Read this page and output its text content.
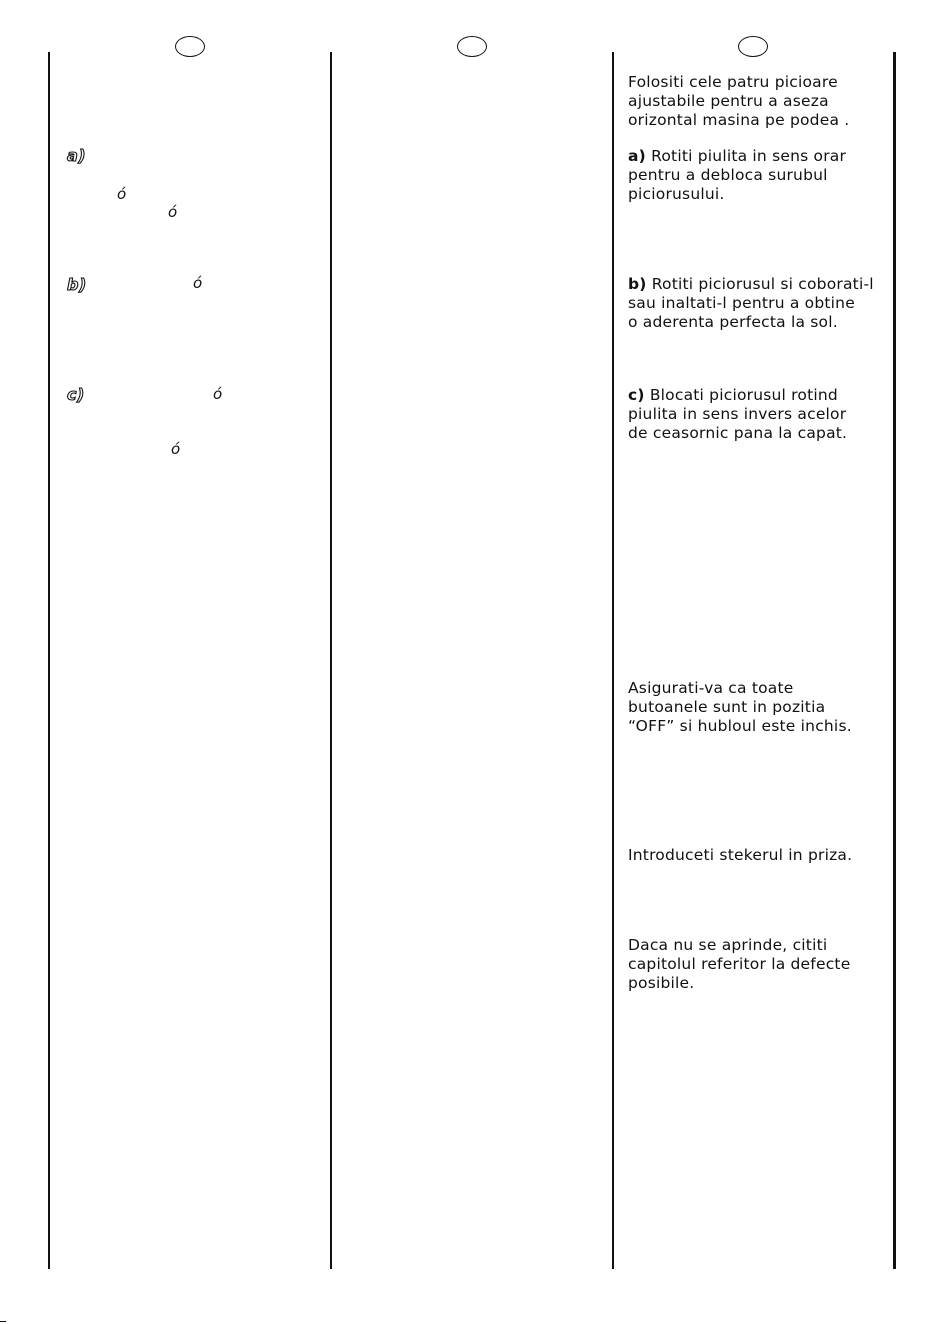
a)
b)
c)
ó
ó
ó
ó
ó
Folositi cele patru picioare
ajustabile pentru a aseza
orizontal masina pe podea .
a) Rotiti piulita in sens orar
pentru a debloca surubul
piciorusului.
b) Rotiti piciorusul si coborati-l
sau inaltati-l pentru a obtine
o aderenta perfecta la sol.
c) Blocati piciorusul rotind
piulita in sens invers acelor
de ceasornic pana la capat.
Asigurati-va ca toate
butoanele sunt in pozitia
“OFF” si hubloul este inchis.
Introduceti stekerul in priza.
Daca nu se aprinde, cititi
capitolul referitor la defecte
posibile.
